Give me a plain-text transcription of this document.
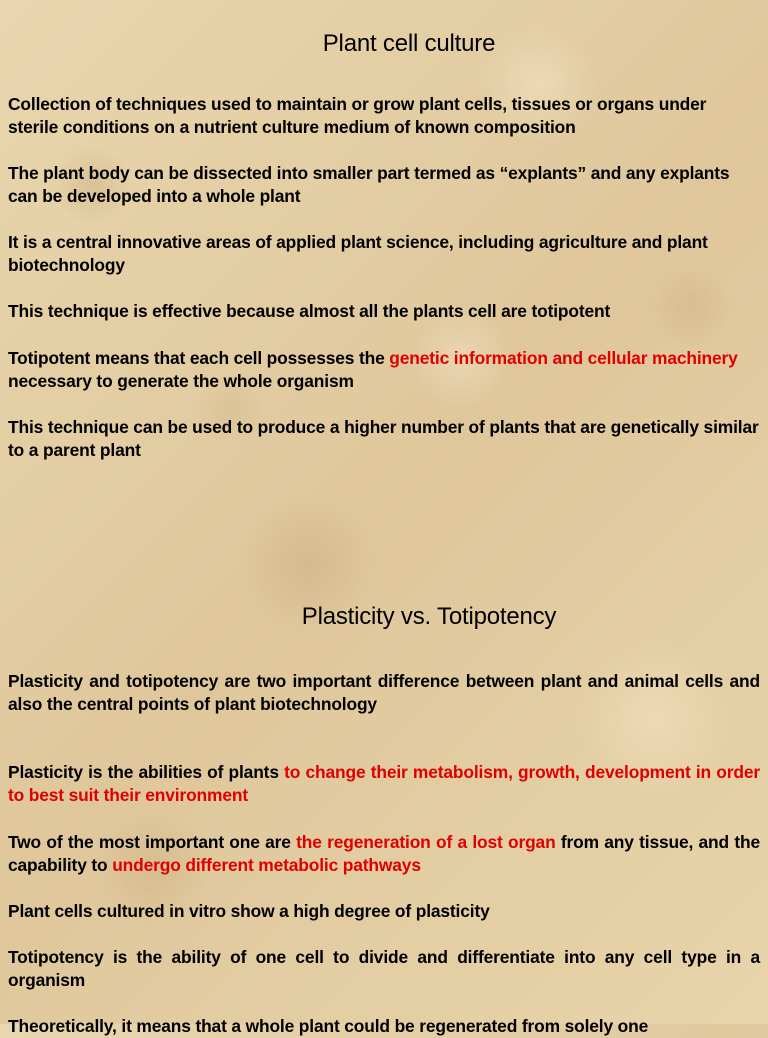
Plant cell culture

Collection of techniques used to maintain or grow plant cells, tissues or organs under sterile conditions on a nutrient culture medium of known composition

The plant body can be dissected into smaller part termed as “explants” and any explants can be developed into a whole plant

It is a central innovative areas of applied plant science, including agriculture and plant biotechnology

This technique is effective because almost all the plants cell are totipotent

Totipotent means that each cell possesses the genetic information and cellular machinery necessary to generate the whole organism

This technique can be used to produce a higher number of plants that are genetically similar to a parent plant

Plasticity vs. Totipotency

Plasticity and totipotency are two important difference between plant and animal cells and also the central points of plant biotechnology

Plasticity is the abilities of plants to change their metabolism, growth, development in order to best suit their environment

Two of the most important one are the regeneration of a lost organ from any tissue, and the capability to undergo different metabolic pathways

Plant cells cultured in vitro show a high degree of plasticity

Totipotency is the ability of one cell to divide and differentiate into any cell type in a organism

Theoretically, it means that a whole plant could be regenerated from solely one
